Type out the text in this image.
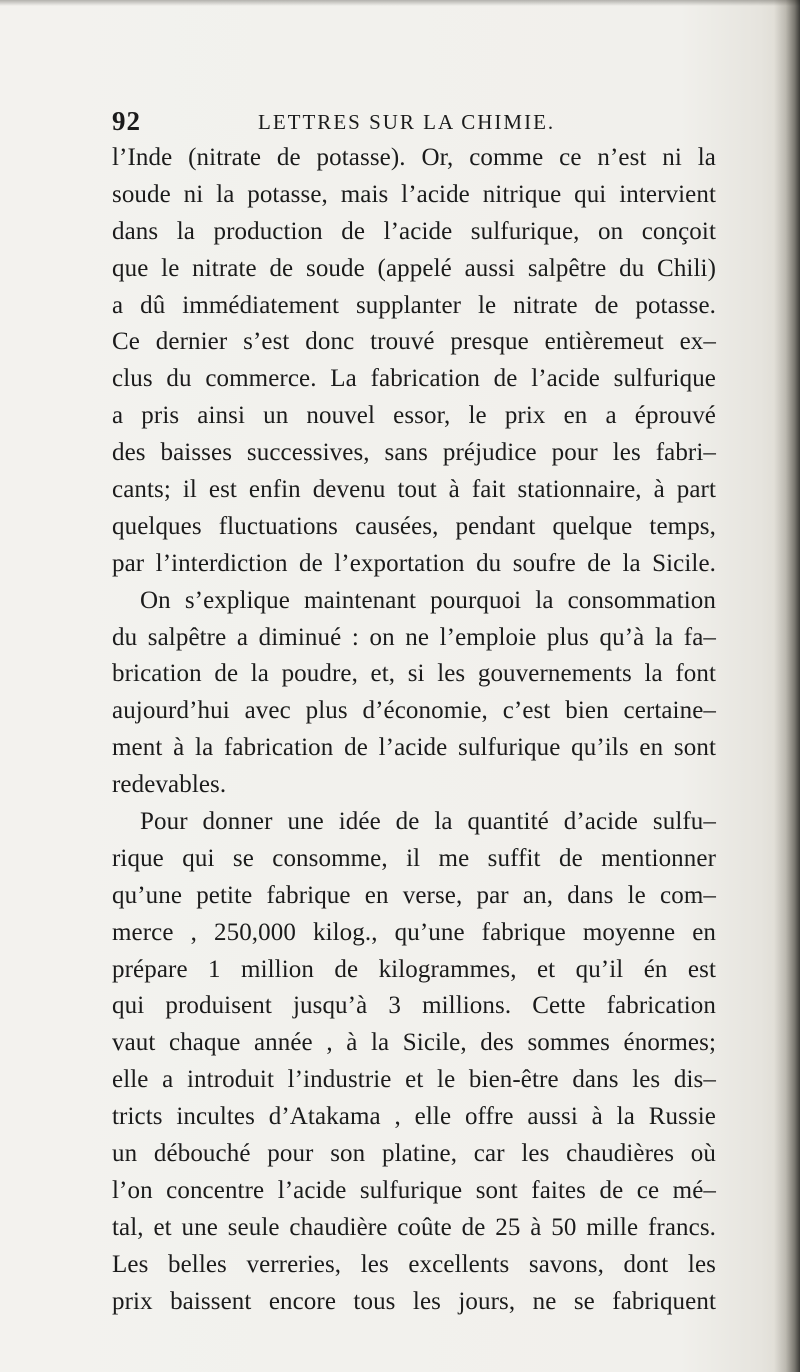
92	LETTRES SUR LA CHIMIE.
l’Inde (nitrate de potasse). Or, comme ce n’est ni la
soude ni la potasse, mais l’acide nitrique qui intervient
dans la production de l’acide sulfurique, on conçoit
que le nitrate de soude (appelé aussi salpêtre du Chili)
a dû immédiatement supplanter le nitrate de potasse.
Ce dernier s’est donc trouvé presque entièremeut ex–
clus du commerce. La fabrication de l’acide sulfurique
a pris ainsi un nouvel essor, le prix en a éprouvé
des baisses successives, sans préjudice pour les fabri–
cants; il est enfin devenu tout à fait stationnaire, à part
quelques fluctuations causées, pendant quelque temps,
par l’interdiction de l’exportation du soufre de la Sicile.
On s’explique maintenant pourquoi la consommation
du salpêtre a diminué : on ne l’emploie plus qu’à la fa–
brication de la poudre, et, si les gouvernements la font
aujourd’hui avec plus d’économie, c’est bien certaine–
ment à la fabrication de l’acide sulfurique qu’ils en sont
redevables.
Pour donner une idée de la quantité d’acide sulfu–
rique qui se consomme, il me suffit de mentionner
qu’une petite fabrique en verse, par an, dans le com–
merce , 250,000 kilog., qu’une fabrique moyenne en
prépare 1 million de kilogrammes, et qu’il én est
qui produisent jusqu’à 3 millions. Cette fabrication
vaut chaque année , à la Sicile, des sommes énormes;
elle a introduit l’industrie et le bien-être dans les dis–
tricts incultes d’Atakama , elle offre aussi à la Russie
un débouché pour son platine, car les chaudières où
l’on concentre l’acide sulfurique sont faites de ce mé–
tal, et une seule chaudière coûte de 25 à 50 mille francs.
Les belles verreries, les excellents savons, dont les
prix baissent encore tous les jours, ne se fabriquent
